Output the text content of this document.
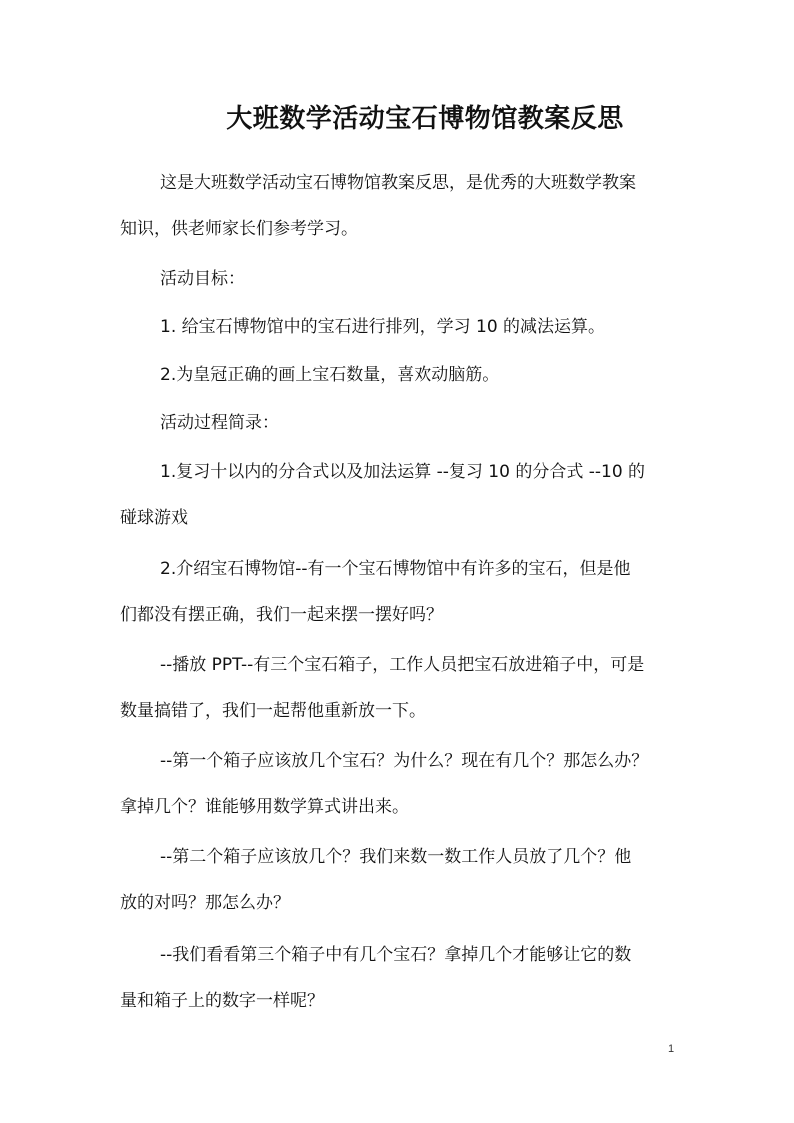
大班数学活动宝石博物馆教案反思
这是大班数学活动宝石博物馆教案反思，是优秀的大班数学教案
知识，供老师家长们参考学习。
活动目标：
1. 给宝石博物馆中的宝石进行排列，学习 10 的减法运算。
2.为皇冠正确的画上宝石数量，喜欢动脑筋。
活动过程简录：
1.复习十以内的分合式以及加法运算 --复习 10 的分合式 --10 的
碰球游戏
2.介绍宝石博物馆--有一个宝石博物馆中有许多的宝石，但是他
们都没有摆正确，我们一起来摆一摆好吗？
--播放 PPT--有三个宝石箱子，工作人员把宝石放进箱子中，可是
数量搞错了，我们一起帮他重新放一下。
--第一个箱子应该放几个宝石？为什么？现在有几个？那怎么办？
拿掉几个？谁能够用数学算式讲出来。
--第二个箱子应该放几个？我们来数一数工作人员放了几个？他
放的对吗？那怎么办？
--我们看看第三个箱子中有几个宝石？拿掉几个才能够让它的数
量和箱子上的数字一样呢？
1
